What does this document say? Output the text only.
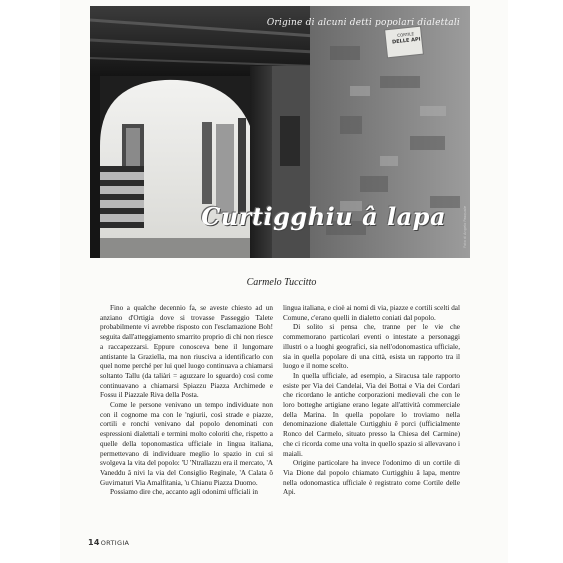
CORTILE
DELLE API
Origine di alcuni detti popolari dialettali
Curtigghiu â lapa	Foto di Angelo Pasquale
Carmelo Tuccitto

Fino a qualche decennio fa, se aveste chiesto ad un anziano d'Ortigia dove si trovasse Passeggio Talete probabilmente vi avrebbe risposto con l'esclamazione Boh! seguita dall'atteggiamento smarrito proprio di chi non riesce a raccapezzarsi. Eppure conosceva bene il lungomare antistante la Graziella, ma non riusciva a identificarlo con quel nome perché per lui quel luogo continuava a chiamarsi soltanto Tallu (da taliàri = aguzzare lo sguardo) così come continuavano a chiamarsi Spiazzu Piazza Archimede e Fossu il Piazzale Riva della Posta.

Come le persone venivano un tempo individuate non con il cognome ma con le 'ngiurii, così strade e piazze, cortili e ronchi venivano dal popolo denominati con espressioni dialettali e termini molto coloriti che, rispetto a quelle della toponomastica ufficiale in lingua italiana, permettevano di individuare meglio lo spazio in cui si svolgeva la vita del popolo: 'U 'Ntrallazzu era il mercato, 'A Vaneddu â nivi la via del Consiglio Reginale, 'A Calata ô Guvirnaturi Via Amalfitania, 'u Chianu Piazza Duomo.

Possiamo dire che, accanto agli odonimi ufficiali in

lingua italiana, e cioè ai nomi di via, piazze e cortili scelti dal Comune, c'erano quelli in dialetto coniati dal popolo.

Di solito si pensa che, tranne per le vie che commemorano particolari eventi o intestate a personaggi illustri o a luoghi geografici, sia nell'odonomastica ufficiale, sia in quella popolare di una città, esista un rapporto tra il luogo e il nome scelto.

In quella ufficiale, ad esempio, a Siracusa tale rapporto esiste per Via dei Candelai, Via dei Bottai e Via dei Cordari che ricordano le antiche corporazioni medievali che con le loro botteghe artigiane erano legate all'attività commerciale della Marina. In quella popolare lo troviamo nella denominazione dialettale Curtigghiu ê porci (ufficialmente Ronco del Carmelo, situato presso la Chiesa del Carmine) che ci ricorda come una volta in quello spazio si allevavano i maiali.

Origine particolare ha invece l'odonimo di un cortile di Via Dione dal popolo chiamato Curtigghiu â lapa, mentre nella odonomastica ufficiale è registrato come Cortile delle Api.

14ORTIGIA
